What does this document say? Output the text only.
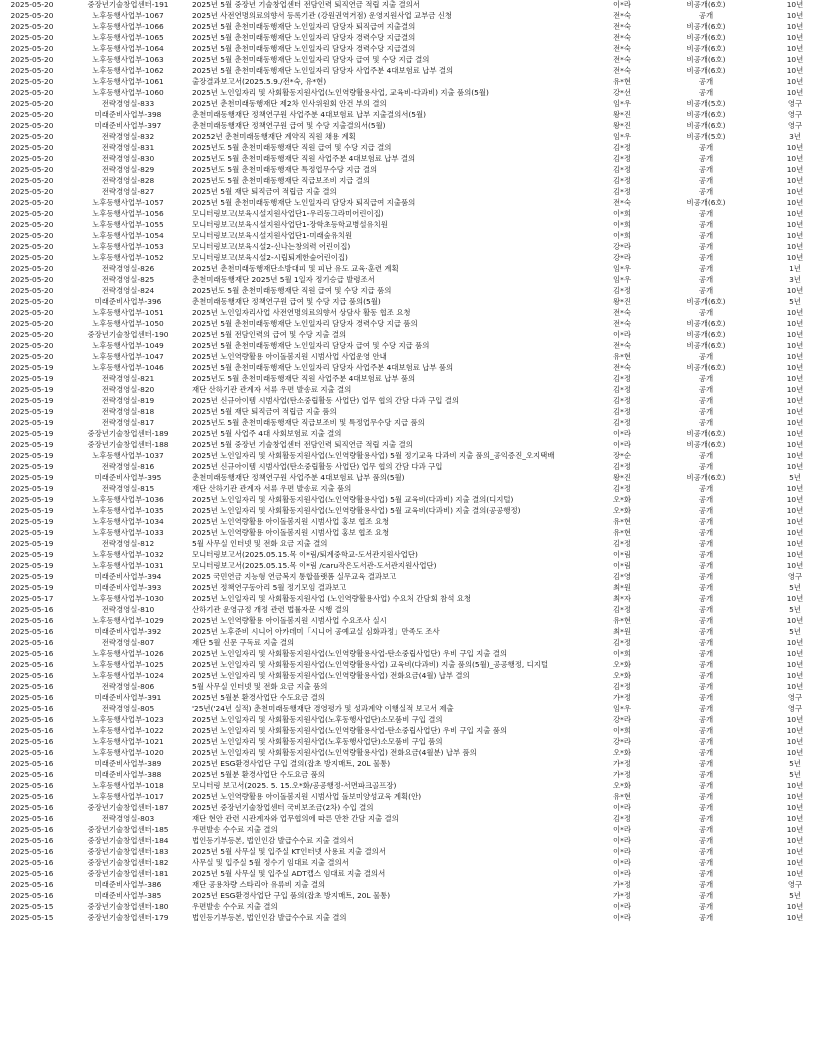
2025-05-20	중장년기술창업센터-191	2025년 5월 중장년 기술창업센터 전담인력 퇴직연금 적립 지출 결의서	이*라	비공개(6호)	10년
2025-05-20	노후동행사업부-1067	2025년 사전연명의료의향서 등록기관 (강원권역거점) 운영지원사업 교부금 신청	전*숙	공개	10년
2025-05-20	노후동행사업부-1066	2025년 5월 춘천미래동행재단 노인일자리 담당자 퇴직급여 지출결의	전*숙	비공개(6호)	10년
2025-05-20	노후동행사업부-1065	2025년 5월 춘천미래동행재단 노인일자리 담당자 경력수당 지급결의	전*숙	비공개(6호)	10년
2025-05-20	노후동행사업부-1064	2025년 5월 춘천미래동행재단 노인일자리 담당자 경력수당 지급결의	전*숙	비공개(6호)	10년
2025-05-20	노후동행사업부-1063	2025년 5월 춘천미래동행재단 노인일자리 담당자 급여 및 수당 지급 결의	전*숙	비공개(6호)	10년
2025-05-20	노후동행사업부-1062	2025년 5월 춘천미래동행재단 노인일자리 담당자 사업주분 4대보험료 납부 결의	전*숙	비공개(6호)	10년
2025-05-20	노후동행사업부-1061	출장결과보고서(2025.5.9./전*숙, 유*현)	유*현	공개	10년
2025-05-20	노후동행사업부-1060	2025년 노인일자리 및 사회활동지원사업(노인역량활용사업, 교육비-다과비) 지출 품의(5월)	강*선	공개	10년
2025-05-20	전략경영실-833	2025년 춘천미래동행재단 제2차 인사위원회 안건 부의 결의	임*우	비공개(5호)	영구
2025-05-20	미래준비사업부-398	춘천미래동행재단 정책연구원 사업주분 4대보험료 납부 지출결의서(5월)	왕*진	비공개(6호)	영구
2025-05-20	미래준비사업부-397	춘천미래동행재단 정책연구원 급여 및 수당 지출결의서(5월)	왕*진	비공개(6호)	영구
2025-05-20	전략경영실-832	20252년 춘천미래동행재단 계약직 직원 채용 계획	임*우	비공개(5호)	3년
2025-05-20	전략경영실-831	2025년도 5월 춘천미래동행재단 직원 급여 및 수당 지급 결의	김*정	공개	10년
2025-05-20	전략경영실-830	2025년도 5월 춘천미래동행재단 직원 사업주분 4대보험료 납부 결의	김*정	공개	10년
2025-05-20	전략경영실-829	2025년도 5월 춘천미래동행재단 특정업무수당 지급 결의	김*정	공개	10년
2025-05-20	전략경영실-828	2025년도 5월 춘천미래동행재단 직급보조비 지급 결의	김*정	공개	10년
2025-05-20	전략경영실-827	2025년 5월 재단 퇴직금여 적립금 지출 결의	김*정	공개	10년
2025-05-20	노후동행사업부-1057	2025년 5월 춘천미래동행재단 노인일자리 담당자 퇴직급여 지출품의	전*숙	비공개(6호)	10년
2025-05-20	노후동행사업부-1056	모니터링보고(보육시설지원사업단1-우리동그라미어린이집)	이*희	공개	10년
2025-05-20	노후동행사업부-1055	모니터링보고(보육시설지원사업단1-장학초등학교병설유치원	이*희	공개	10년
2025-05-20	노후동행사업부-1054	모니터링보고(보육시설지원사업단1-미래숲유치원	이*희	공개	10년
2025-05-20	노후동행사업부-1053	모니터링보고(보육시설2-신나는창의력 어린이집)	강*라	공개	10년
2025-05-20	노후동행사업부-1052	모니터링보고(보육시설2-시립퇴계한숲어린이집)	강*라	공개	10년
2025-05-20	전략경영실-826	2025년 춘천미래동행재단소방대피 및 피난 유도 교육·훈련 계획	임*우	공개	1년
2025-05-20	전략경영실-825	춘천미래동행재단 2025년 5월 1일자 정기승급 발령조서	임*우	공개	3년
2025-05-20	전략경영실-824	2025년도 5월 춘천미래동행재단 직원 급여 및 수당 지급 품의	김*정	공개	10년
2025-05-20	미래준비사업부-396	춘천미래동행재단 정책연구원 급여 및 수당 지급 품의(5월)	왕*진	비공개(6호)	5년
2025-05-20	노후동행사업부-1051	2025년 노인일자리사업 사전연명의료의향서 상담사 활동 협조 요청	전*숙	공개	10년
2025-05-20	노후동행사업부-1050	2025년 5월 춘천미래동행재단 노인일자리 담당자 경력수당 지급 품의	전*숙	비공개(6호)	10년
2025-05-20	중장년기술창업센터-190	2025년 5월 전담인력의 급여 및 수당 지출 결의	이*라	비공개(6호)	10년
2025-05-20	노후동행사업부-1049	2025년 5월 춘천미래동행재단 노인일자리 담당자 급여 및 수당 지급 품의	전*숙	비공개(6호)	10년
2025-05-20	노후동행사업부-1047	2025년 노인역량활용 아이돌봄지원 시범사업 사업운영 안내	유*현	공개	10년
2025-05-19	노후동행사업부-1046	2025년 5월 춘천미래동행재단 노인일자리 담당자 사업주분 4대보험료 납부 품의	전*숙	비공개(6호)	10년
2025-05-19	전략경영실-821	2025년도 5월 춘천미래동행재단 직원 사업주분 4대보험료 납부 품의	김*정	공개	10년
2025-05-19	전략경영실-820	재단 산하기관 관계자 서류 우편 발송료 지출 결의	김*정	공개	10년
2025-05-19	전략경영실-819	2025년 신규아이템 시범사업(탄소중립활동 사업단) 업무 협의 간담 다과 구입 결의	김*정	공개	10년
2025-05-19	전략경영실-818	2025년 5월 재단 퇴직금여 적립금 지출 품의	김*정	공개	10년
2025-05-19	전략경영실-817	2025년도 5월 춘천미래동행재단 직급보조비 및 특정업무수당 지급 품의	김*정	공개	10년
2025-05-19	중장년기술창업센터-189	2025년 5월 사업주 4대 사회보험료 지출 결의	이*라	비공개(6호)	10년
2025-05-19	중장년기술창업센터-188	2025년 5월 중장년 기술창업센터 전담인력 퇴직연금 적립 지출 결의	이*라	비공개(6호)	10년
2025-05-19	노후동행사업부-1037	2025년 노인일자리 및 사회활동지원사업(노인역량활용사업) 5월 정기교육 다과비 지출 품의_공익증진_오지택배	장*순	공개	10년
2025-05-19	전략경영실-816	2025년 신규아이템 시범사업(탄소중립활동 사업단) 업무 협의 간담 다과 구입	김*정	공개	10년
2025-05-19	미래준비사업부-395	춘천미래동행재단 정책연구원 사업주분 4대보험료 납부 품의(5월)	왕*진	비공개(6호)	5년
2025-05-19	전략경영실-815	재단 산하기관 관계자 서류 우편 발송료 지출 품의	김*정	공개	10년
2025-05-19	노후동행사업부-1036	2025년 노인일자리 및 사회활동지원사업(노인역량활용사업) 5월 교육비(다과비) 지출 결의(디지털)	오*화	공개	10년
2025-05-19	노후동행사업부-1035	2025년 노인일자리 및 사회활동지원사업(노인역량활용사업) 5월 교육비(다과비) 지출 결의(공공행정)	오*화	공개	10년
2025-05-19	노후동행사업부-1034	2025년 노인역량활용 아이돌봄지원 시범사업 홍보 협조 요청	유*현	공개	10년
2025-05-19	노후동행사업부-1033	2025년 노인역량활용 아이돌봄지원 시범사업 홍보 협조 요청	유*현	공개	10년
2025-05-19	전략경영실-812	5월 사무실 인터넷 및 전화 요금 지출 결의	김*정	공개	10년
2025-05-19	노후동행사업부-1032	모니터링보고서(2025.05.15.목 이*림/퇴계중학교-도서관지원사업단)	이*림	공개	10년
2025-05-19	노후동행사업부-1031	모니터링보고서(2025.05.15.목 이*림 /caru작은도서관-도서관지원사업단)	이*림	공개	10년
2025-05-19	미래준비사업부-394	2025 국민연금 지능형 연금복지 통합플랫폼 실무교육 결과보고	김*영	공개	영구
2025-05-19	미래준비사업부-393	2025년 정책연구동아리 5월 정기모임 결과보고	최*원	공개	5년
2025-05-17	노후동행사업부-1030	2025년 노인일자리 및 사회활동지원사업 (노인역량활용사업) 수요처 간담회 참석 요청	최*자	공개	10년
2025-05-16	전략경영실-810	산하기관 운영규정 개정 관련 법률자문 시행 결의	김*정	공개	5년
2025-05-16	노후동행사업부-1029	2025년 노인역량활용 아이돌봄지원 시범사업 수요조사 실시	유*현	공개	10년
2025-05-16	미래준비사업부-392	2025년 노후준비 시니어 아카데미「시니어 공예교실 심화과정」만족도 조사	최*원	공개	5년
2025-05-16	전략경영실-807	재단 5월 신문 구독료 지출 결의	김*정	공개	10년
2025-05-16	노후동행사업부-1026	2025년 노인일자리 및 사회활동지원사업(노인역량활용사업-탄소중립사업단) 우비 구입 지출 결의	이*희	공개	10년
2025-05-16	노후동행사업부-1025	2025년 노인일자리 및 사회활동지원사업(노인역량활용사업) 교육비(다과비) 지출 품의(5월)_공공행정, 디지털	오*화	공개	10년
2025-05-16	노후동행사업부-1024	2025년 노인일자리 및 사회활동지원사업(노인역량활용사업) 전화요금(4월) 납부 결의	오*화	공개	10년
2025-05-16	전략경영실-806	5월 사무실 인터넷 및 전화 요금 지출 품의	김*정	공개	10년
2025-05-16	미래준비사업부-391	2025년 5월분 환경사업단 수도요금 결의	가*정	공개	영구
2025-05-16	전략경영실-805	'25년('24년 실적) 춘천미래동행재단 경영평가 및 성과계약 이행실적 보고서 제출	임*우	공개	영구
2025-05-16	노후동행사업부-1023	2025년 노인일자리 및 사회활동지원사업(노후동행사업단)소모품비 구입 결의	강*라	공개	10년
2025-05-16	노후동행사업부-1022	2025년 노인일자리 및 사회활동지원사업(노인역량활용사업-탄소중립사업단) 우비 구입 지출 품의	이*희	공개	10년
2025-05-16	노후동행사업부-1021	2025년 노인일자리 및 사회활동지원사업(노후동행사업단)소모품비 구입 품의	강*라	공개	10년
2025-05-16	노후동행사업부-1020	2025년 노인일자리 및 사회활동지원사업(노인역량활용사업) 전화요금(4월분) 납부 품의	오*화	공개	10년
2025-05-16	미래준비사업부-389	2025년 ESG환경사업단 구입 결의(잡초 방지매트, 20L 물통)	가*정	공개	5년
2025-05-16	미래준비사업부-388	2025년 5월분 환경사업단 수도요금 품의	가*정	공개	5년
2025-05-16	노후동행사업부-1018	모니터링 보고서(2025. 5. 15.오*화/공공행정-서면파크골프장)	오*화	공개	10년
2025-05-16	노후동행사업부-1017	2025년 노인역량활용 아이돌봄지원 시범사업 돌보미양성교육 계획(안)	유*현	공개	10년
2025-05-16	중장년기술창업센터-187	2025년 중장년기술창업센터 국비보조금(2차) 수입 결의	이*라	공개	10년
2025-05-16	전략경영실-803	재단 현안 관련 시관계자와 업무협의에 따른 만찬 간담 지출 결의	김*정	공개	10년
2025-05-16	중장년기술창업센터-185	우편발송 수수료 지출 결의	이*라	공개	10년
2025-05-16	중장년기술창업센터-184	법인등기부등본, 법인인감 발급수수료 지출 결의서	이*라	공개	10년
2025-05-16	중장년기술창업센터-183	2025년 5월 사무실 및 입주실 KT인터넷 사용료 지출 결의서	이*라	공개	10년
2025-05-16	중장년기술창업센터-182	사무실 및 입주실 5월 정수기 임대료 지출 결의서	이*라	공개	10년
2025-05-16	중장년기술창업센터-181	2025년 5월 사무실 및 입주실 ADT캡스 임대료 지출 결의서	이*라	공개	10년
2025-05-16	미래준비사업부-386	재단 공용차량 스타리아 유류비 지출 결의	가*정	공개	영구
2025-05-16	미래준비사업부-385	2025년 ESG환경사업단 구입 품의(잡초 방지매트, 20L 물통)	가*정	공개	5년
2025-05-15	중장년기술창업센터-180	우편발송 수수료 지출 결의	이*라	공개	10년
2025-05-15	중장년기술창업센터-179	법인등기부등본, 법인인감 발급수수료 지출 결의	이*라	공개	10년
